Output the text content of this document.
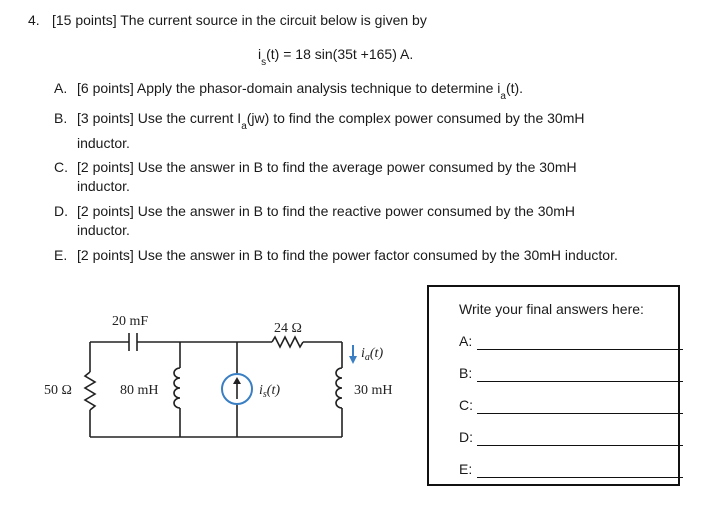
4. [15 points] The current source in the circuit below is given by
$i_s(t) = 18$ sin(35t +165) A.
A. [6 points] Apply the phasor-domain analysis technique to determine $i_a(t)$.
B. [3 points] Use the current $I_a(jw)$ to find the complex power consumed by the 30mH
inductor.
C. [2 points] Use the answer in B to find the average power consumed by the 30mH
inductor.
D. [2 points] Use the answer in B to find the reactive power consumed by the 30mH
inductor.
E. [2 points] Use the answer in B to find the power factor consumed by the 30mH inductor.
20 mF	24 Ω
50 Ω	80 mH	$i_s(t)$
$i_a(t)$
30 mH
Write your final answers here:
A:
B:
C:
D:
E:
